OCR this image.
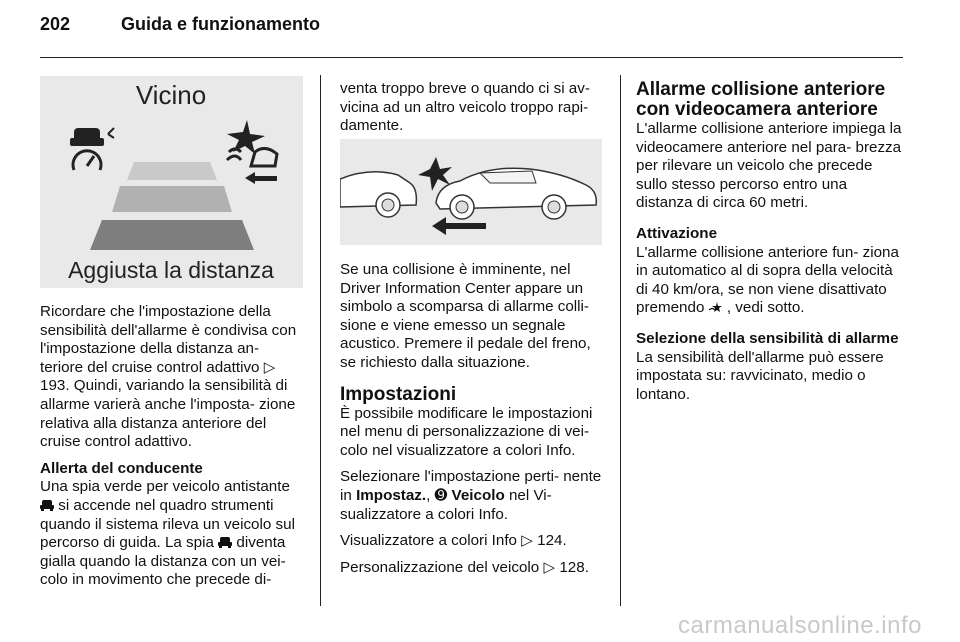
202	Guida e funzionamento
Vicino
Aggiusta la distanza

Ricordare che l'impostazione della sensibilità dell'allarme è condivisa con l'impostazione della distanza an- teriore del cruise control adattivo ▷ 193. Quindi, variando la sensibilità di allarme varierà anche l'imposta- zione relativa alla distanza anteriore del cruise control adattivo.

Allerta del conducente

Una spia verde per veicolo antistante  si accende nel quadro strumenti quando il sistema rileva un veicolo sul percorso di guida. La spia diventa gialla quando la distanza con un vei- colo in movimento che precede di-

venta troppo breve o quando ci si av- vicina ad un altro veicolo troppo rapi- damente.

Se una collisione è imminente, nel Driver Information Center appare un simbolo a scomparsa di allarme colli- sione e viene emesso un segnale acustico. Premere il pedale del freno, se richiesto dalla situazione.

Impostazioni

È possibile modificare le impostazioni nel menu di personalizzazione di vei- colo nel visualizzatore a colori Info.

Selezionare l'impostazione perti- nente in Impostaz., ➒ Veicolo nel Vi- sualizzatore a colori Info.

Visualizzatore a colori Info ▷ 124.

Personalizzazione del veicolo ▷ 128.

Allarme collisione anteriore con videocamera anteriore

L'allarme collisione anteriore impiega la videocamere anteriore nel para- brezza per rilevare un veicolo che precede sullo stesso percorso entro una distanza di circa 60 metri.

Attivazione

L'allarme collisione anteriore fun- ziona in automatico al di sopra della velocità di 40 km/ora, se non viene disattivato premendo , vedi sotto.

Selezione della sensibilità di allarme

La sensibilità dell'allarme può essere impostata su: ravvicinato, medio o lontano.

carmanualsonline.info
